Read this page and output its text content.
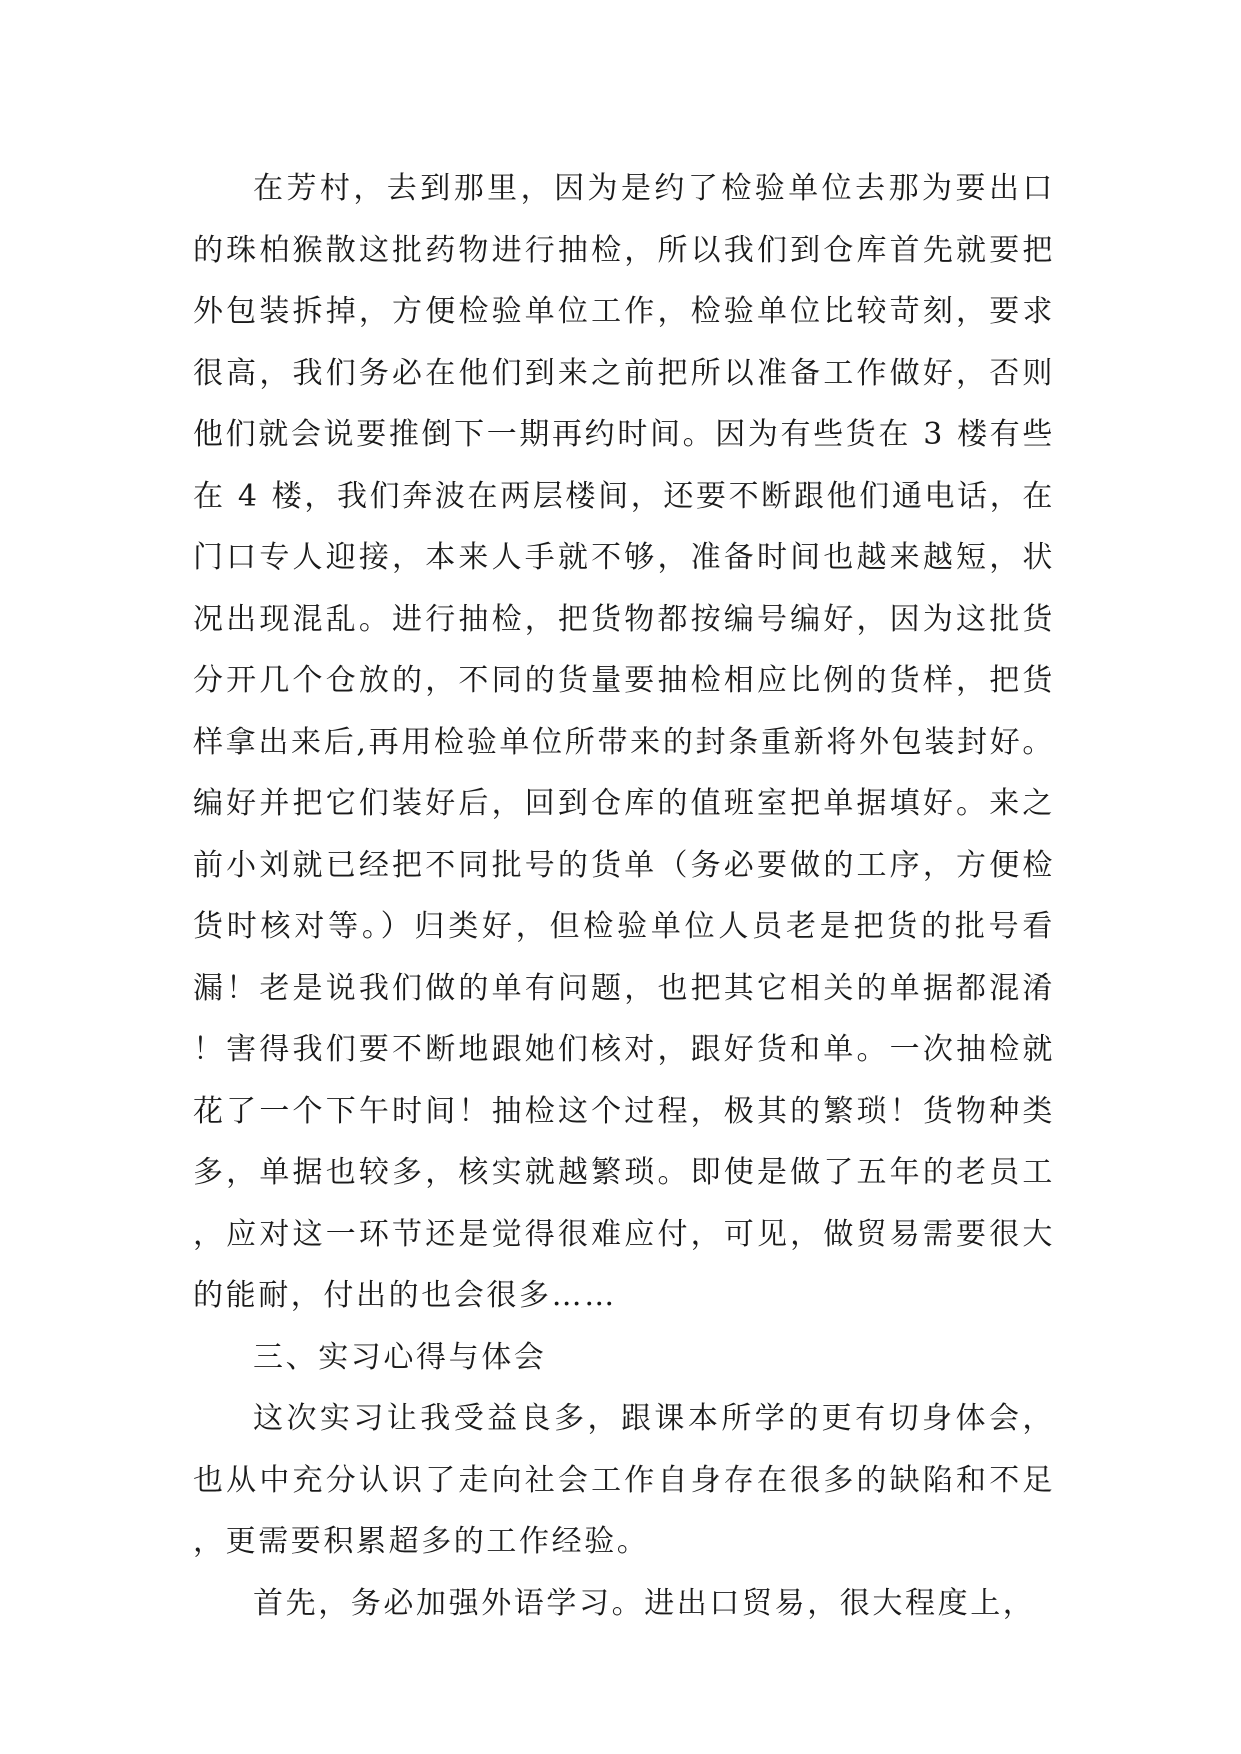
在芳村，去到那里，因为是约了检验单位去那为要出口的珠柏猴散这批药物进行抽检，所以我们到仓库首先就要把外包装拆掉，方便检验单位工作，检验单位比较苛刻，要求很高，我们务必在他们到来之前把所以准备工作做好，否则他们就会说要推倒下一期再约时间。因为有些货在 3 楼有些在 4 楼，我们奔波在两层楼间，还要不断跟他们通电话，在门口专人迎接，本来人手就不够，准备时间也越来越短，状况出现混乱。进行抽检，把货物都按编号编好，因为这批货分开几个仓放的，不同的货量要抽检相应比例的货样，把货样拿出来后,再用检验单位所带来的封条重新将外包装封好。编好并把它们装好后，回到仓库的值班室把单据填好。来之前小刘就已经把不同批号的货单（务必要做的工序，方便检货时核对等。）归类好，但检验单位人员老是把货的批号看漏！老是说我们做的单有问题，也把其它相关的单据都混淆！害得我们要不断地跟她们核对，跟好货和单。一次抽检就花了一个下午时间！抽检这个过程，极其的繁琐！货物种类多，单据也较多，核实就越繁琐。即使是做了五年的老员工，应对这一环节还是觉得很难应付，可见，做贸易需要很大的能耐，付出的也会很多……

三、实习心得与体会

这次实习让我受益良多，跟课本所学的更有切身体会，也从中充分认识了走向社会工作自身存在很多的缺陷和不足，更需要积累超多的工作经验。

首先，务必加强外语学习。进出口贸易，很大程度上，
